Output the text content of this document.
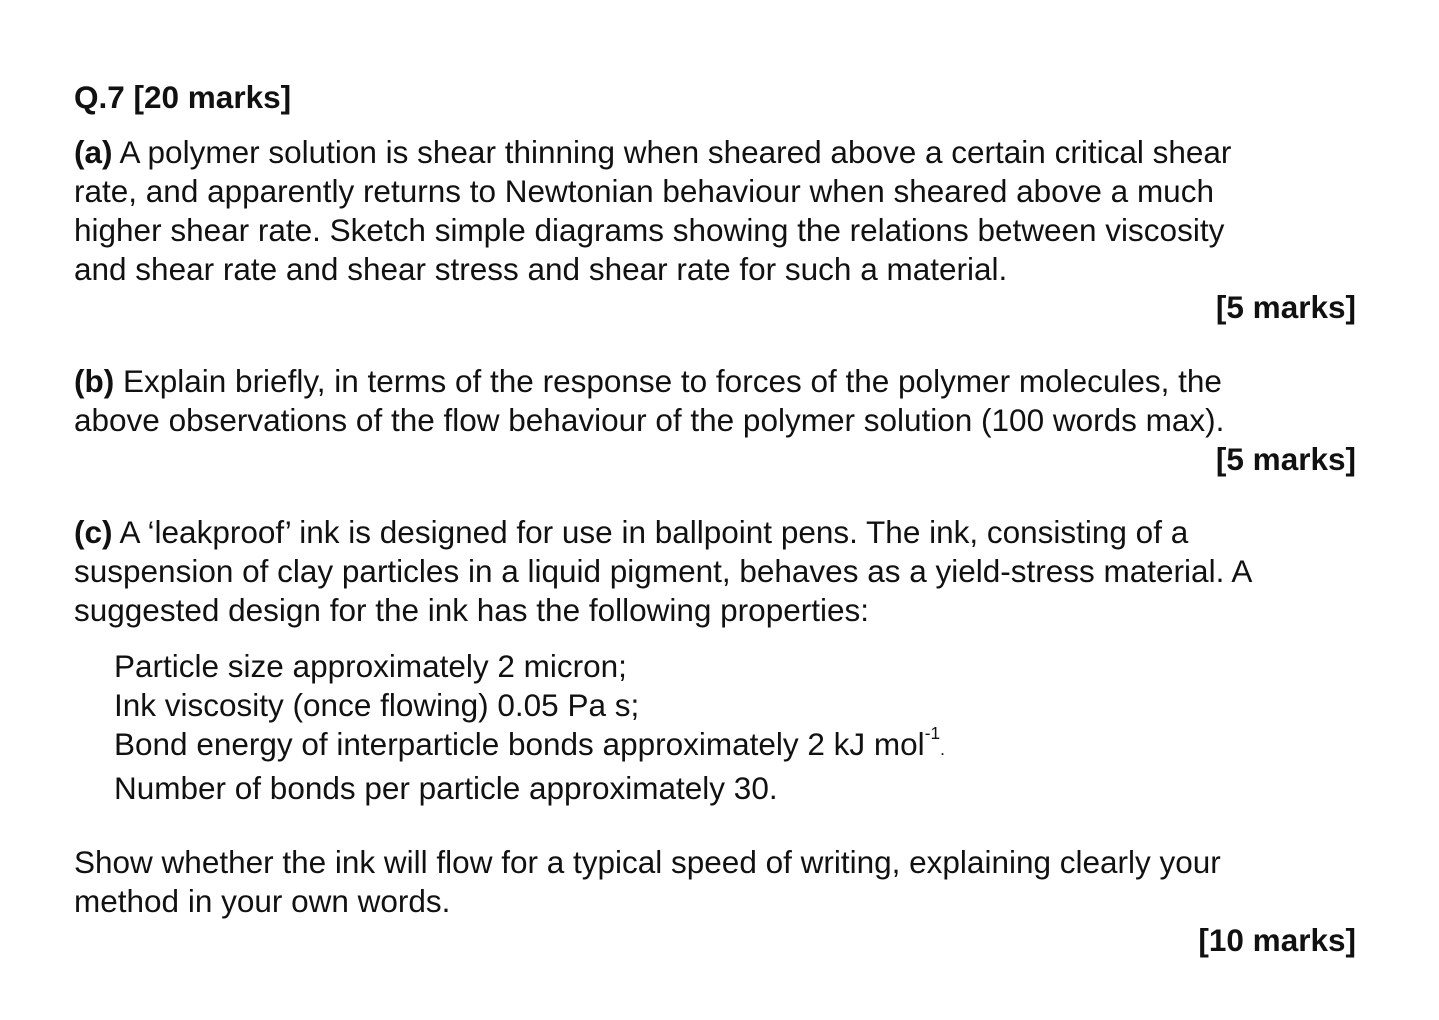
Q.7 [20 marks]
(a) A polymer solution is shear thinning when sheared above a certain critical shear
rate, and apparently returns to Newtonian behaviour when sheared above a much
higher shear rate. Sketch simple diagrams showing the relations between viscosity
and shear rate and shear stress and shear rate for such a material.
[5 marks]
(b) Explain briefly, in terms of the response to forces of the polymer molecules, the
above observations of the flow behaviour of the polymer solution (100 words max).
[5 marks]
(c) A ‘leakproof’ ink is designed for use in ballpoint pens. The ink, consisting of a
suspension of clay particles in a liquid pigment, behaves as a yield-stress material. A
suggested design for the ink has the following properties:
Particle size approximately 2 micron;
Ink viscosity (once flowing) 0.05 Pa s;
Bond energy of interparticle bonds approximately 2 kJ mol$^{-1}$.
Number of bonds per particle approximately 30.
Show whether the ink will flow for a typical speed of writing, explaining clearly your
method in your own words.
[10 marks]
